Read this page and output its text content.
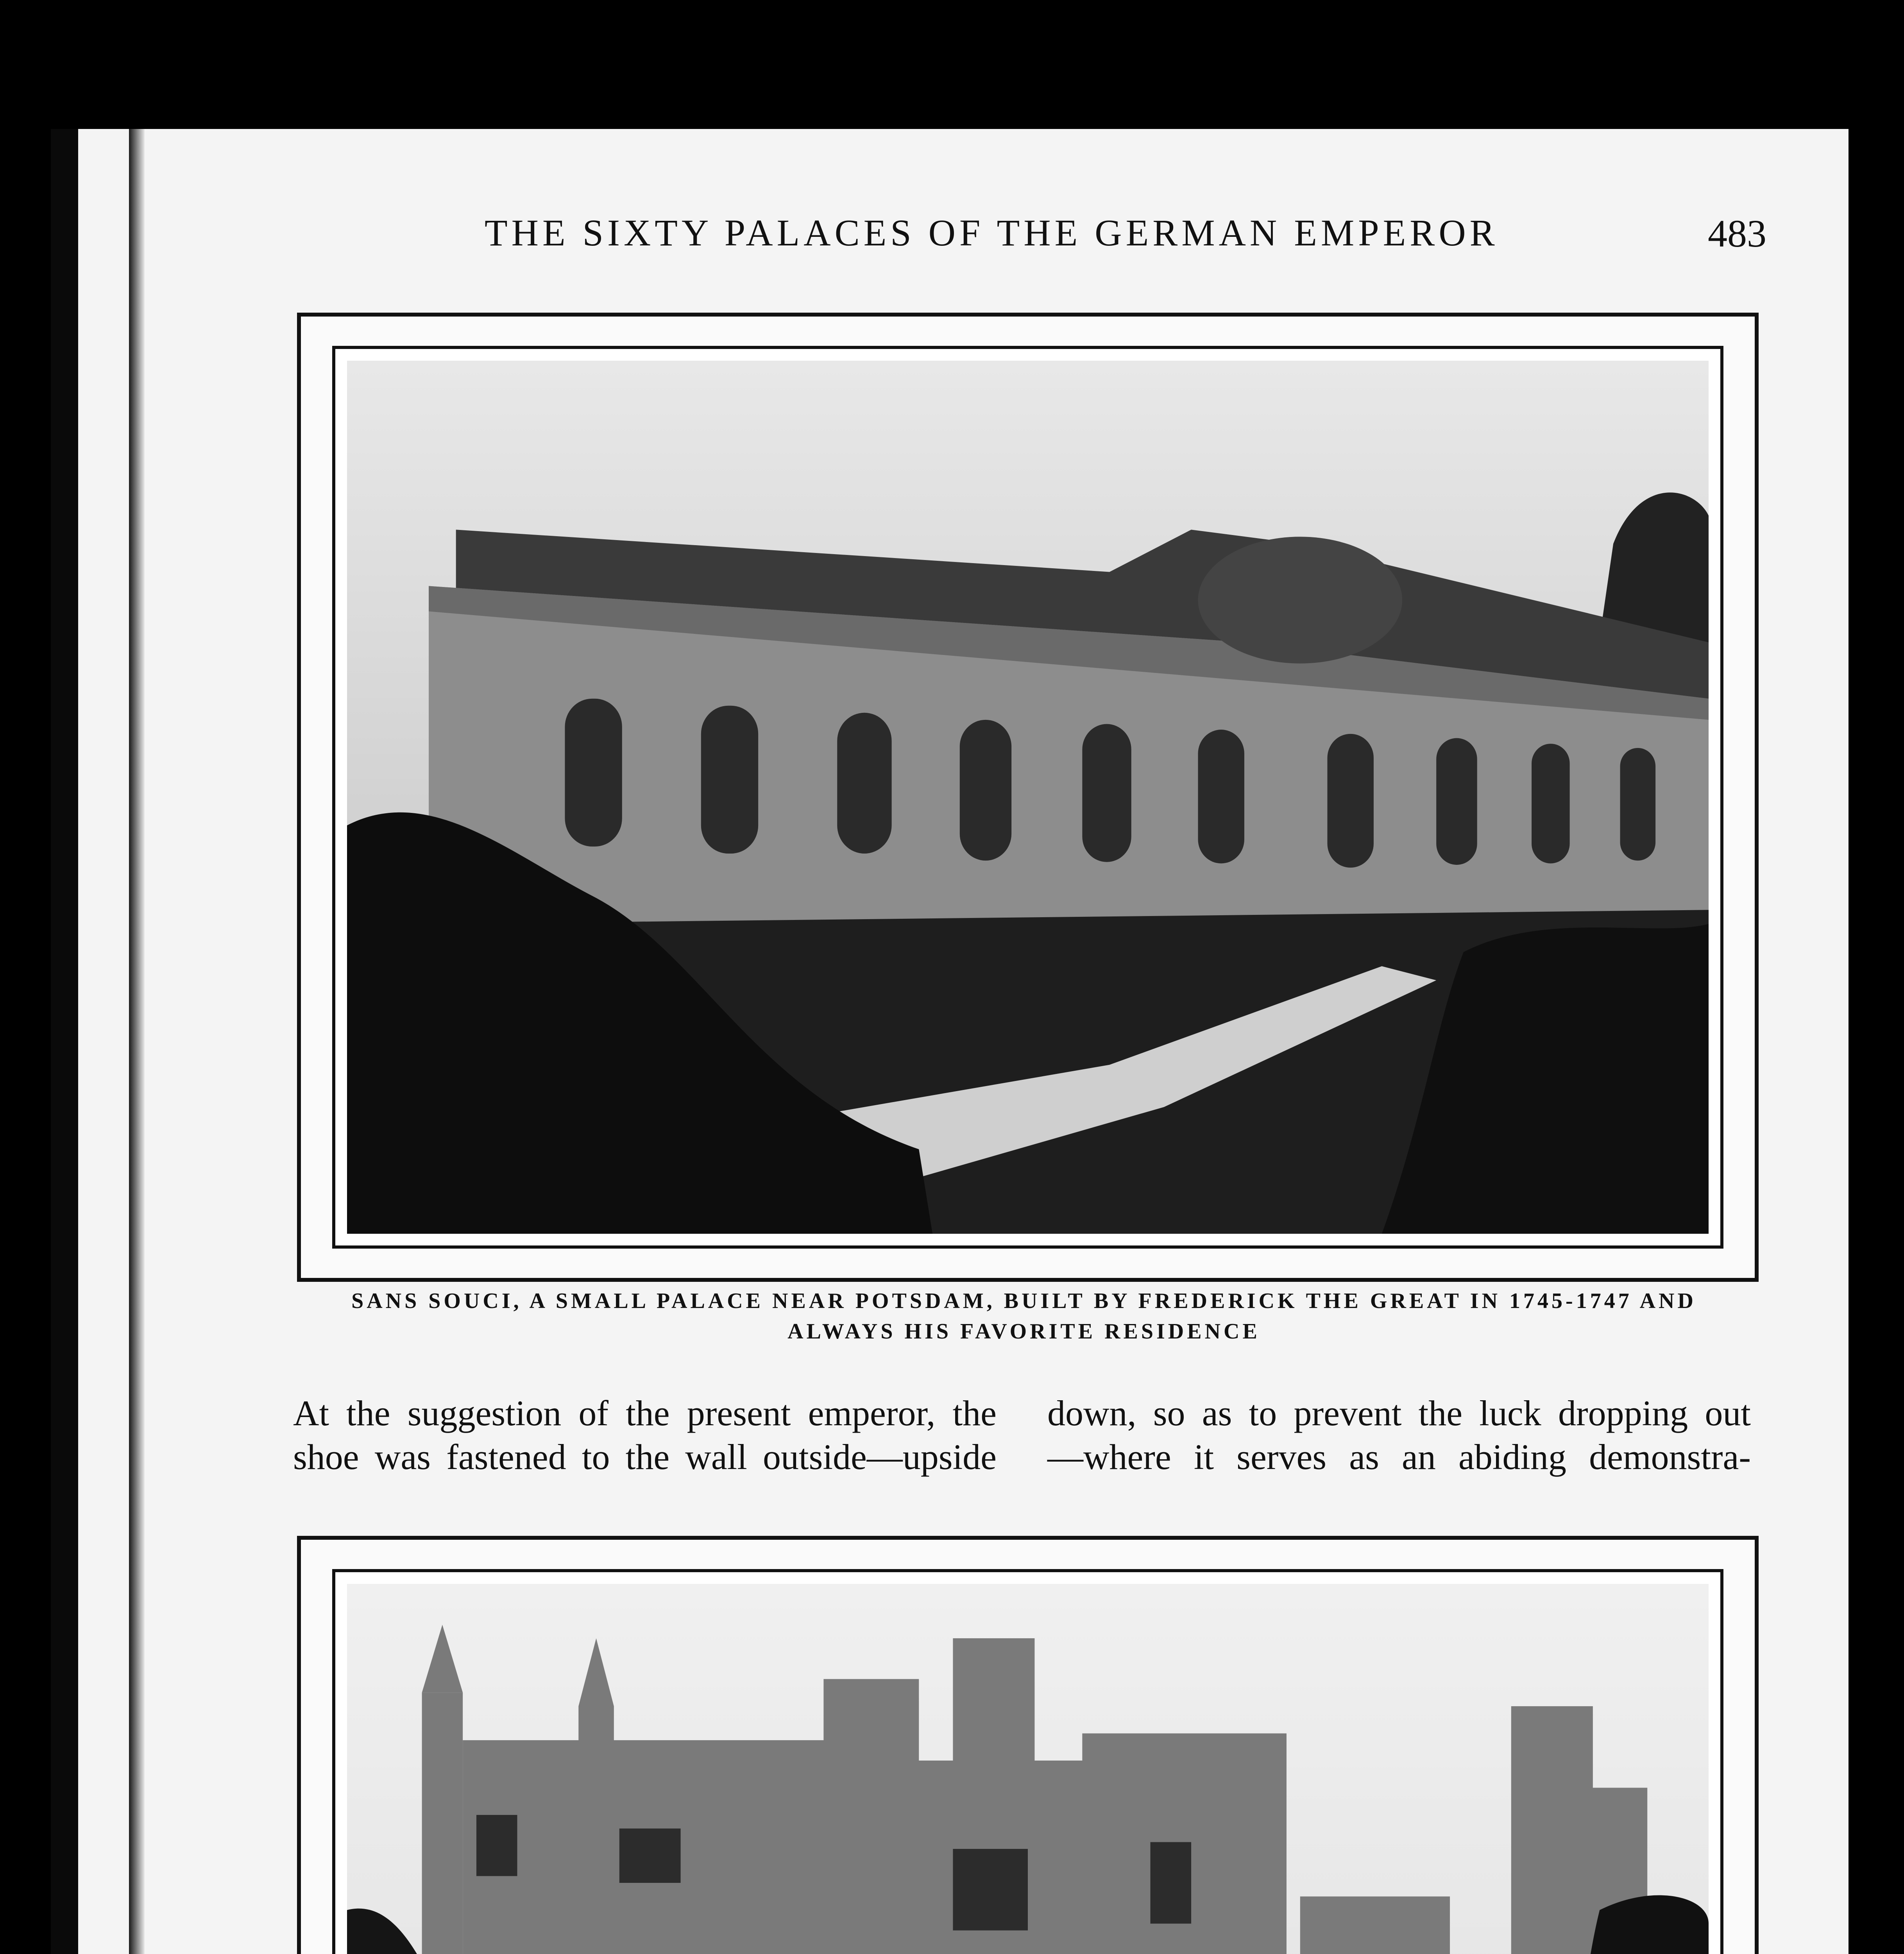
THE SIXTY PALACES OF THE GERMAN EMPEROR	483
SANS SOUCI, A SMALL PALACE NEAR POTSDAM, BUILT BY FREDERICK THE GREAT IN 1745-1747 AND
ALWAYS HIS FAVORITE RESIDENCE
At the suggestion of the present emperor, the
shoe was fastened to the wall outside—upside
down, so as to prevent the luck dropping out
—where it serves as an abiding demonstra-
